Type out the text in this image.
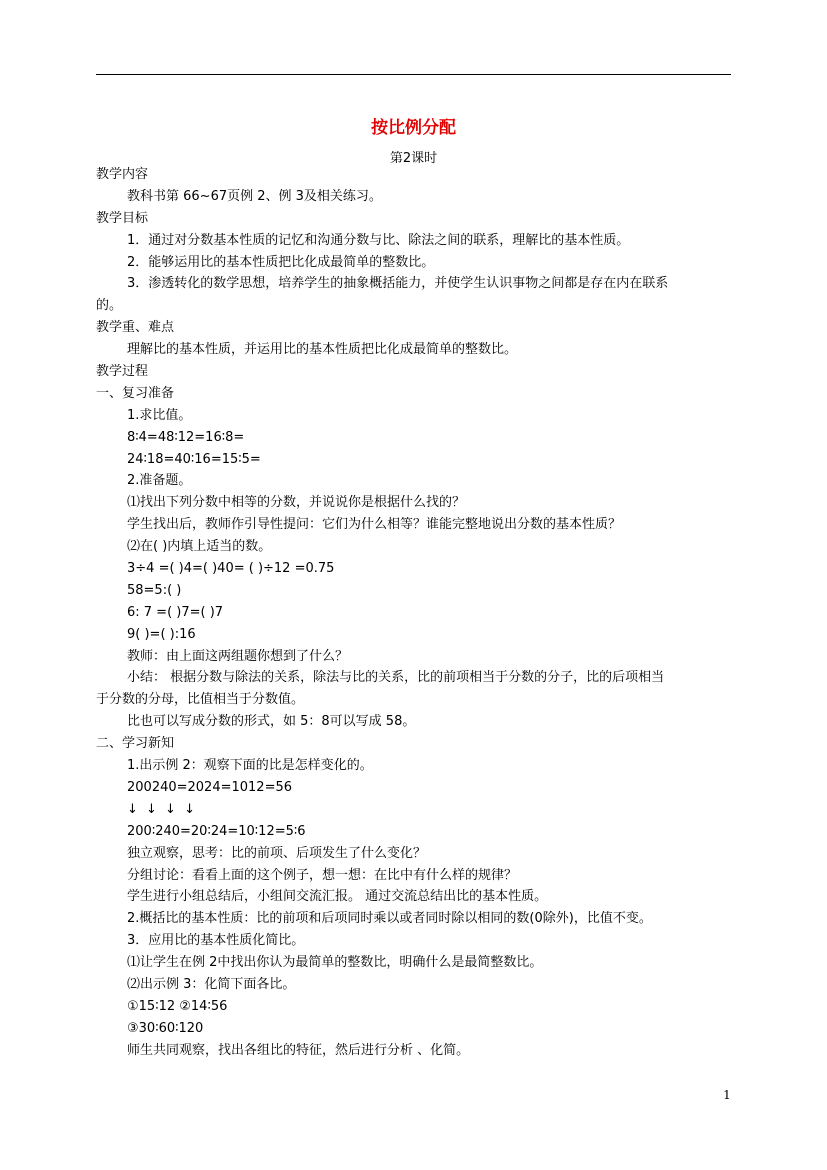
按比例分配
第2课时
教学内容
教科书第 66~67页例 2、例 3及相关练习。
教学目标
1．通过对分数基本性质的记忆和沟通分数与比、除法之间的联系，理解比的基本性质。
2．能够运用比的基本性质把比化成最简单的整数比。
3．渗透转化的数学思想，培养学生的抽象概括能力，并使学生认识事物之间都是存在内在联系
的。
教学重、难点
理解比的基本性质，并运用比的基本性质把比化成最简单的整数比。
教学过程
一、复习准备
1.求比值。
8∶4=48∶12=16∶8=
24∶18=40∶16=15∶5=
2.准备题。
⑴找出下列分数中相等的分数，并说说你是根据什么找的？
学生找出后，教师作引导性提问：它们为什么相等？谁能完整地说出分数的基本性质？
⑵在( )内填上适当的数。
3÷4 =( )4=( )40= ( )÷12 =0.75
58=5:( )
6: 7 =( )7=( )7
9( )=( ):16
教师：由上面这两组题你想到了什么？
小结： 根据分数与除法的关系，除法与比的关系，比的前项相当于分数的分子，比的后项相当
于分数的分母，比值相当于分数值。
比也可以写成分数的形式，如 5：8可以写成 58。
二、学习新知
1.出示例 2：观察下面的比是怎样变化的。
200240=2024=1012=56
↓ ↓ ↓ ↓
200∶240=20∶24=10∶12=5∶6
独立观察，思考：比的前项、后项发生了什么变化？
分组讨论：看看上面的这个例子，想一想：在比中有什么样的规律？
学生进行小组总结后，小组间交流汇报。 通过交流总结出比的基本性质。
2.概括比的基本性质：比的前项和后项同时乘以或者同时除以相同的数(0除外)，比值不变。
3．应用比的基本性质化简比。
⑴让学生在例 2中找出你认为最简单的整数比，明确什么是最简整数比。
⑵出示例 3：化简下面各比。
①15∶12 ②14∶56
③30∶60∶120
师生共同观察，找出各组比的特征，然后进行分析 、化简。
1
